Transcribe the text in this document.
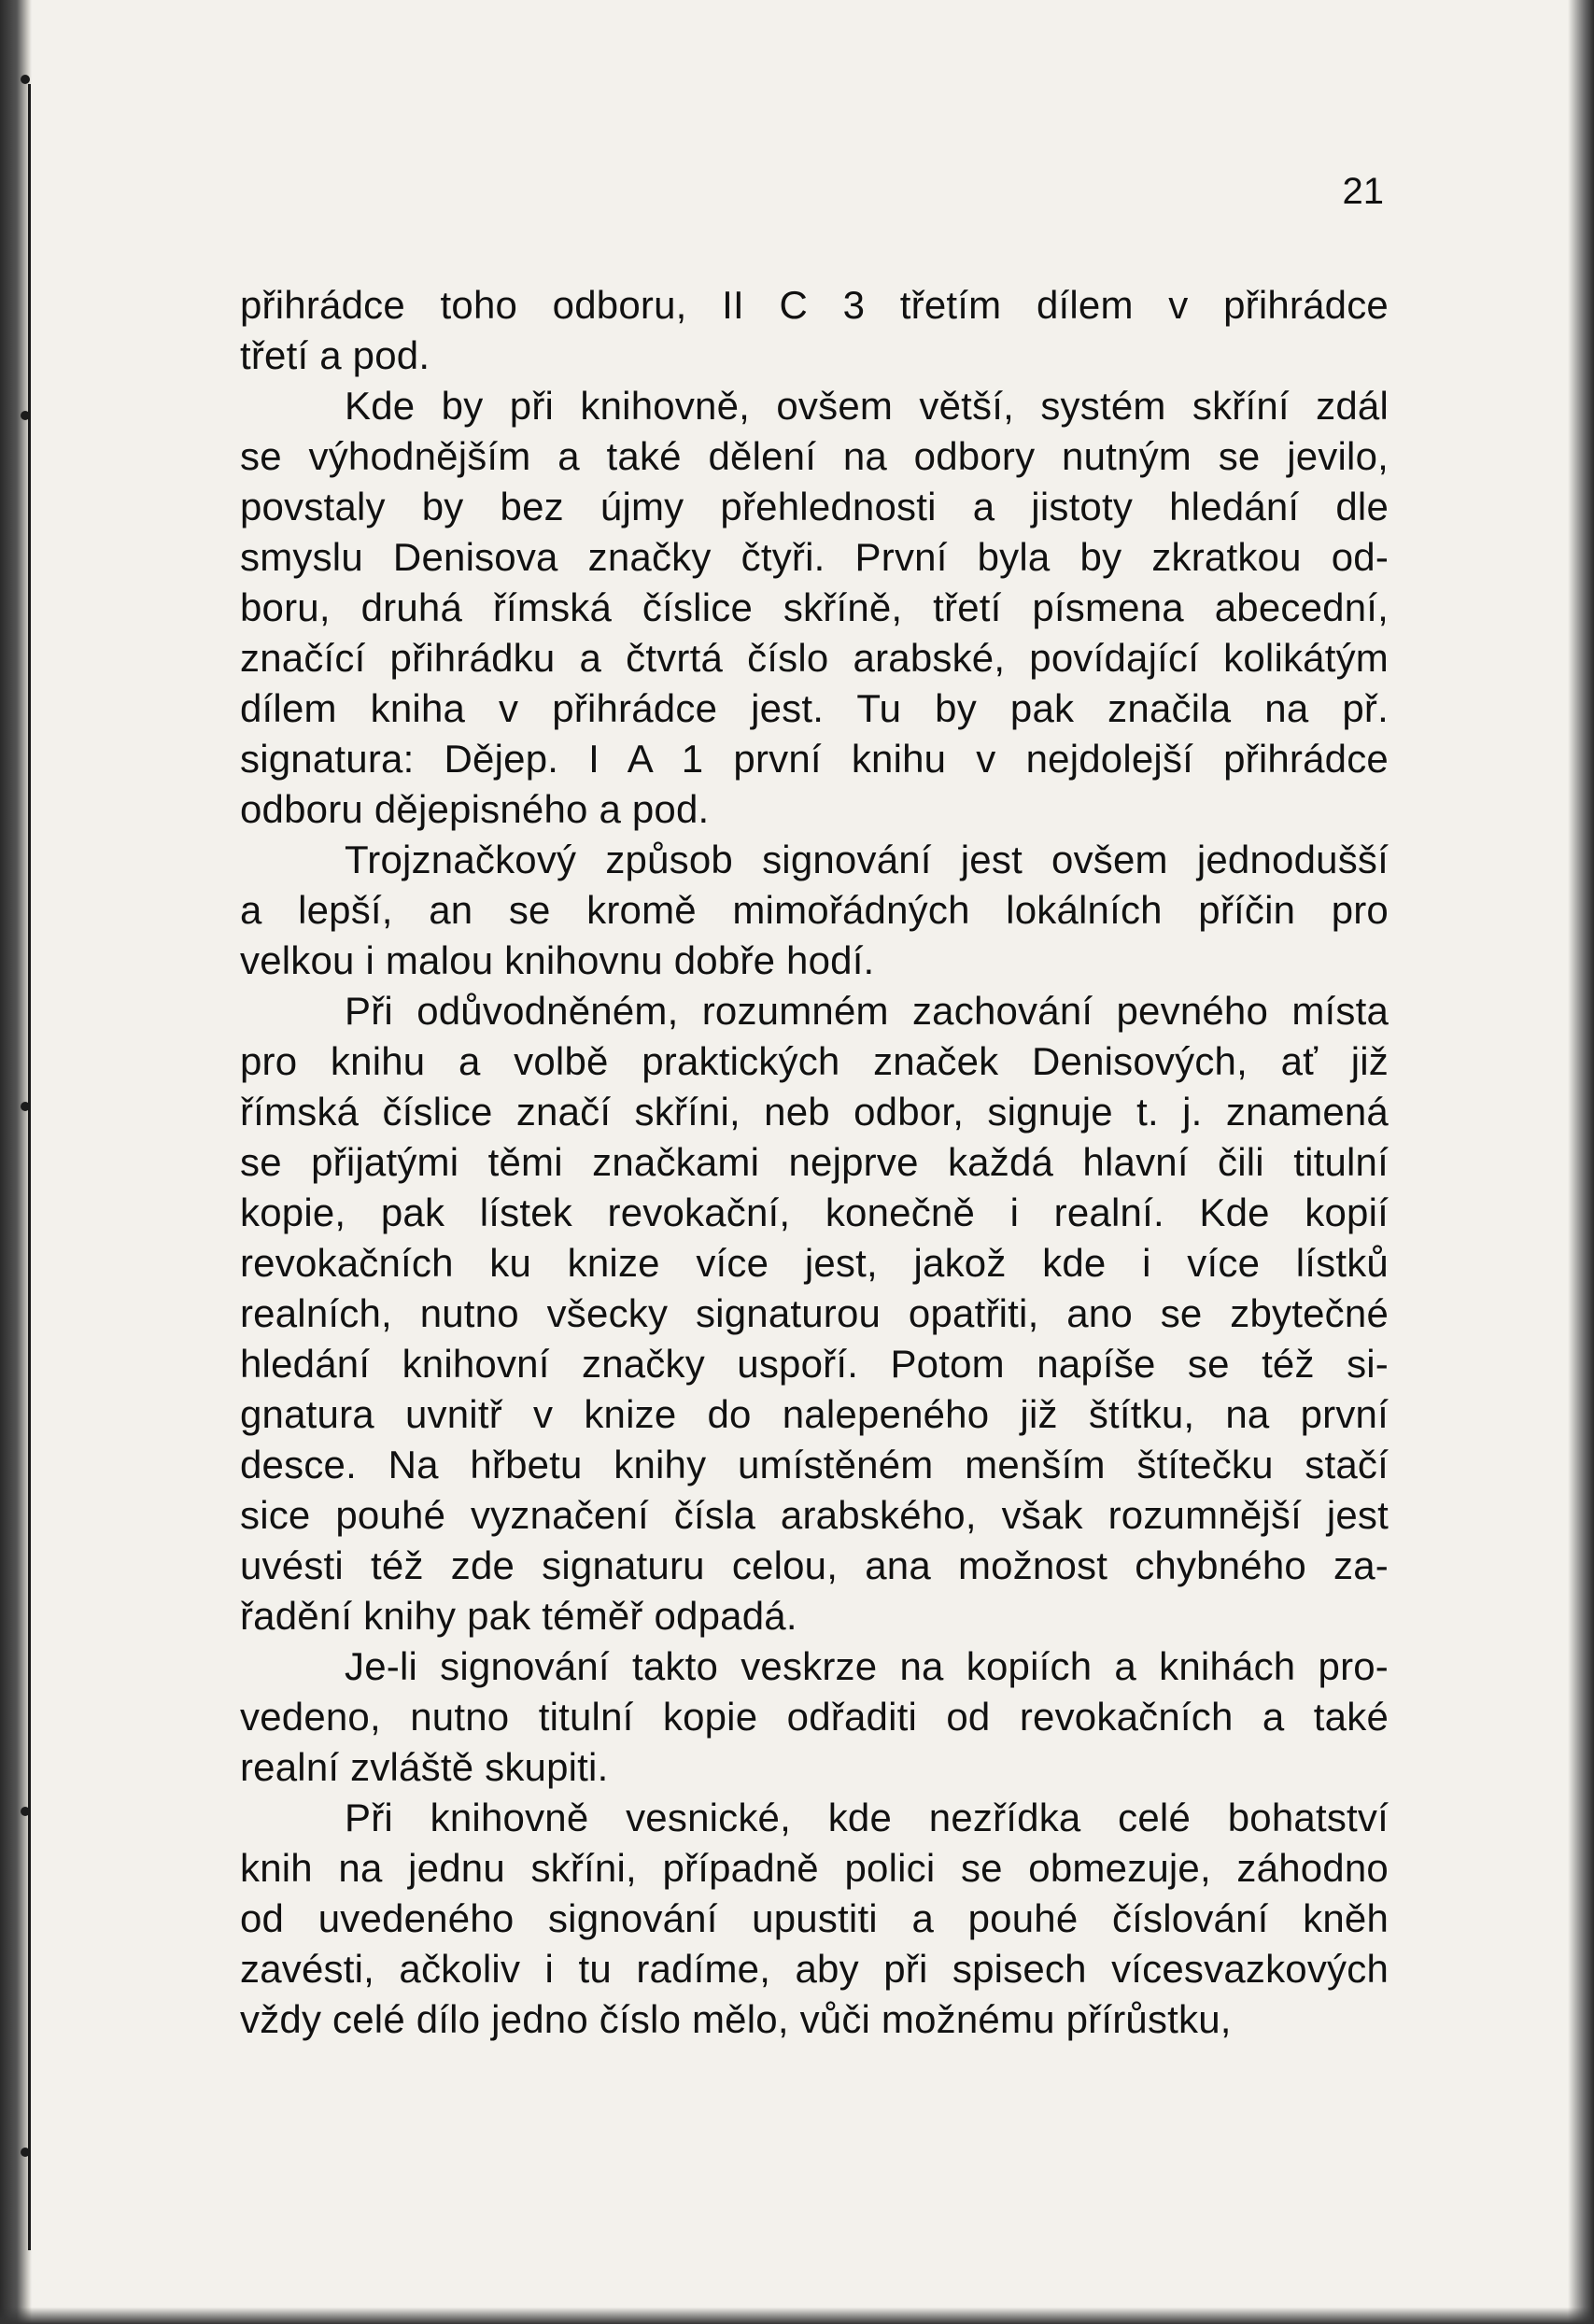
21

přihrádce toho odboru, II C 3 třetím dílem v přihrádce
třetí a pod.

Kde by při knihovně, ovšem větší, systém skříní zdál
se výhodnějším a také dělení na odbory nutným se jevilo,
povstaly by bez újmy přehlednosti a jistoty hledání dle
smyslu Denisova značky čtyři. První byla by zkratkou od-
boru, druhá římská číslice skříně, třetí písmena abecední,
značící přihrádku a čtvrtá číslo arabské, povídající kolikátým
dílem kniha v přihrádce jest. Tu by pak značila na př.
signatura: Dějep. I A 1 první knihu v nejdolejší přihrádce
odboru dějepisného a pod.

Trojznačkový způsob signování jest ovšem jednodušší
a lepší, an se kromě mimořádných lokálních příčin pro
velkou i malou knihovnu dobře hodí.

Při odůvodněném, rozumném zachování pevného místa
pro knihu a volbě praktických značek Denisových, ať již
římská číslice značí skříni, neb odbor, signuje t. j. znamená
se přijatými těmi značkami nejprve každá hlavní čili titulní
kopie, pak lístek revokační, konečně i realní. Kde kopií
revokačních ku knize více jest, jakož kde i více lístků
realních, nutno všecky signaturou opatřiti, ano se zbytečné
hledání knihovní značky uspoří. Potom napíše se též si-
gnatura uvnitř v knize do nalepeného již štítku, na první
desce. Na hřbetu knihy umístěném menším štítečku stačí
sice pouhé vyznačení čísla arabského, však rozumnější jest
uvésti též zde signaturu celou, ana možnost chybného za-
řadění knihy pak téměř odpadá.

Je-li signování takto veskrze na kopiích a knihách pro-
vedeno, nutno titulní kopie odřaditi od revokačních a také
realní zvláště skupiti.

Při knihovně vesnické, kde nezřídka celé bohatství
knih na jednu skříni, případně polici se obmezuje, záhodno
od uvedeného signování upustiti a pouhé číslování kněh
zavésti, ačkoliv i tu radíme, aby při spisech vícesvazkových
vždy celé dílo jedno číslo mělo, vůči možnému přírůstku,
